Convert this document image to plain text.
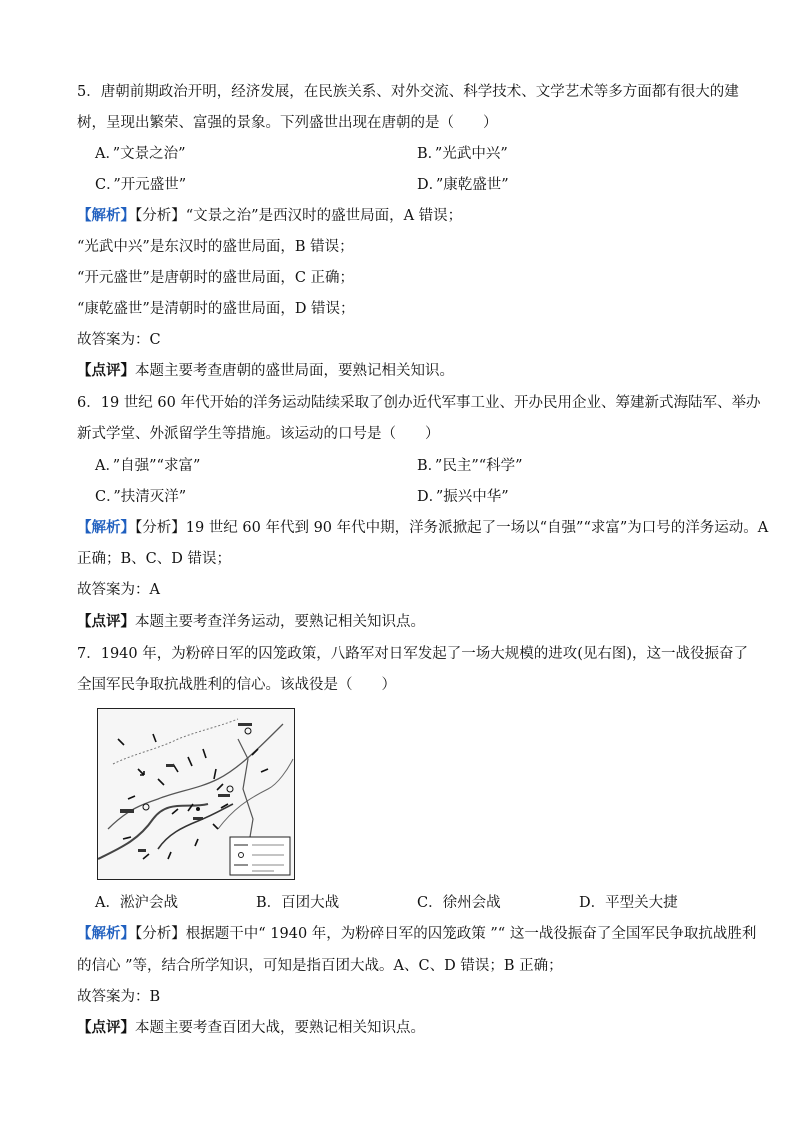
5．唐朝前期政治开明，经济发展，在民族关系、对外交流、科学技术、文学艺术等多方面都有很大的建
树，呈现出繁荣、富强的景象。下列盛世出现在唐朝的是（　　）
A．”文景之治”	B．”光武中兴”
C．”开元盛世”	D．”康乾盛世”
【解析】【分析】“文景之治”是西汉时的盛世局面，A 错误；
“光武中兴”是东汉时的盛世局面，B 错误；
“开元盛世”是唐朝时的盛世局面，C 正确；
“康乾盛世”是清朝时的盛世局面，D 错误；
故答案为：C
【点评】本题主要考查唐朝的盛世局面，要熟记相关知识。
6．19 世纪 60 年代开始的洋务运动陆续采取了创办近代军事工业、开办民用企业、筹建新式海陆军、举办
新式学堂、外派留学生等措施。该运动的口号是（　　）
A．”自强”“求富”	B．”民主”“科学”
C．”扶清灭洋”	D．”振兴中华”
【解析】【分析】19 世纪 60 年代到 90 年代中期，洋务派掀起了一场以“自强”“求富”为口号的洋务运动。A
正确；B、C、D 错误；
故答案为：A
【点评】本题主要考查洋务运动，要熟记相关知识点。
7．1940 年，为粉碎日军的囚笼政策，八路军对日军发起了一场大规模的进攻(见右图)，这一战役振奋了
全国军民争取抗战胜利的信心。该战役是（　　）
A．淞沪会战	B．百团大战	C．徐州会战	D．平型关大捷
【解析】【分析】根据题干中“ 1940 年，为粉碎日军的囚笼政策 ”“ 这一战役振奋了全国军民争取抗战胜利
的信心 ”等，结合所学知识，可知是指百团大战。A、C、D 错误；B 正确；
故答案为：B
【点评】本题主要考查百团大战，要熟记相关知识点。
